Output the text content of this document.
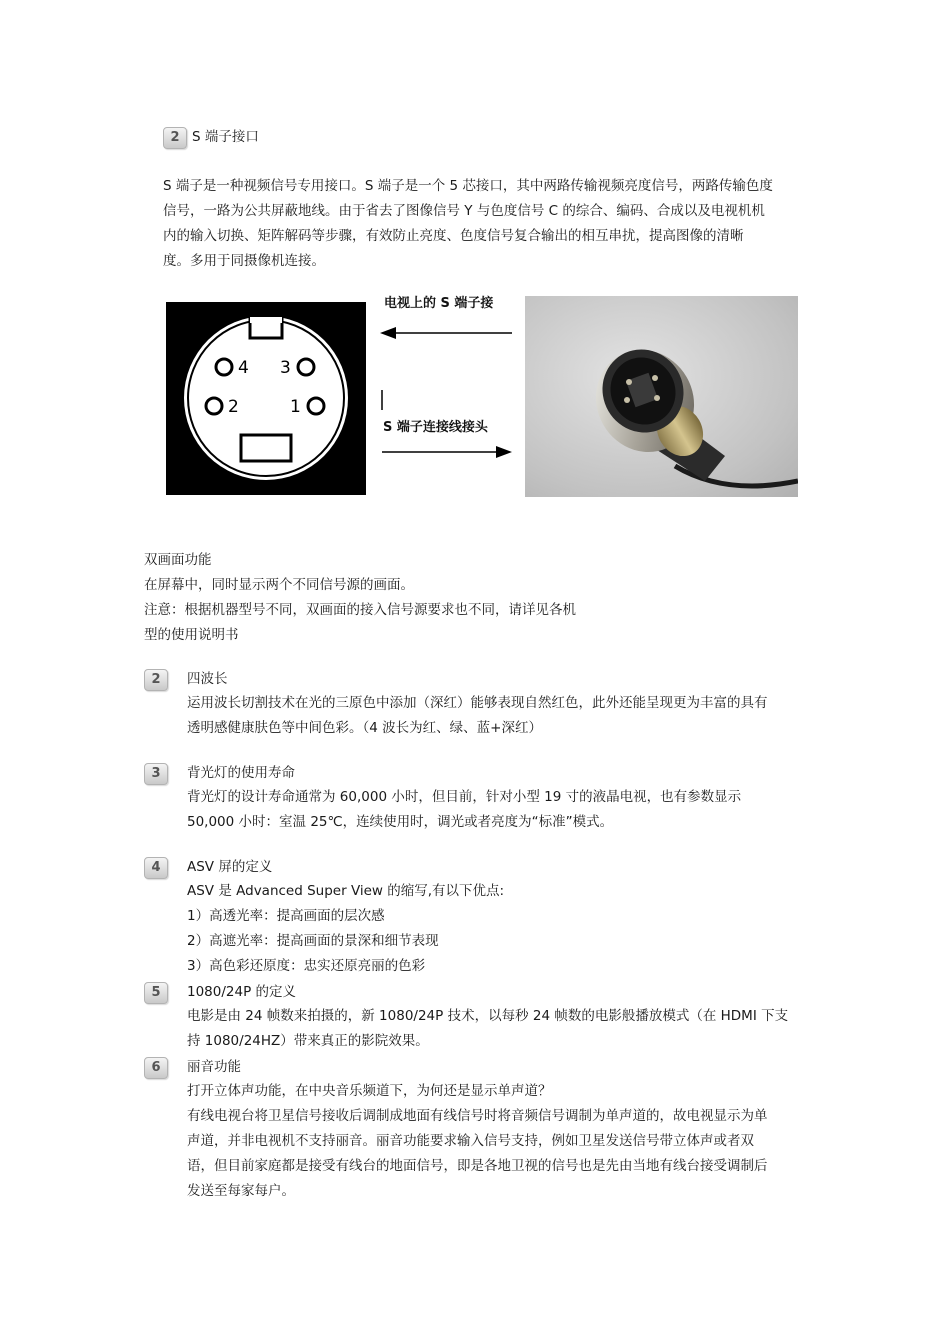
2 S 端子接口
S 端子是一种视频信号专用接口。S 端子是一个 5 芯接口，其中两路传输视频亮度信号，两路传输色度
信号，一路为公共屏蔽地线。由于省去了图像信号 Y 与色度信号 C 的综合、编码、合成以及电视机机
内的输入切换、矩阵解码等步骤，有效防止亮度、色度信号复合输出的相互串扰，提高图像的清晰
度。多用于同摄像机连接。
4 3
2	1
电视上的 S 端子接
S 端子连接线接头
双画面功能
在屏幕中，同时显示两个不同信号源的画面。
注意：根据机器型号不同，双画面的接入信号源要求也不同，请详见各机
型的使用说明书
2	四波长
运用波长切割技术在光的三原色中添加（深红）能够表现自然红色，此外还能呈现更为丰富的具有
透明感健康肤色等中间色彩。（4 波长为红、绿、蓝+深红）
3	背光灯的使用寿命
背光灯的设计寿命通常为 60,000 小时，但目前，针对小型 19 寸的液晶电视，也有参数显示
50,000 小时：室温 25℃，连续使用时，调光或者亮度为“标准”模式。
4	ASV 屏的定义
ASV 是 Advanced Super View 的缩写,有以下优点:
1）高透光率：提高画面的层次感
2）高遮光率：提高画面的景深和细节表现
3）高色彩还原度：忠实还原亮丽的色彩
5	1080/24P 的定义
电影是由 24 帧数来拍摄的，新 1080/24P 技术，以每秒 24 帧数的电影般播放模式（在 HDMI 下支
持 1080/24HZ）带来真正的影院效果。
6	丽音功能
打开立体声功能，在中央音乐频道下，为何还是显示单声道？
有线电视台将卫星信号接收后调制成地面有线信号时将音频信号调制为单声道的，故电视显示为单
声道，并非电视机不支持丽音。丽音功能要求输入信号支持，例如卫星发送信号带立体声或者双
语，但目前家庭都是接受有线台的地面信号，即是各地卫视的信号也是先由当地有线台接受调制后
发送至每家每户。
